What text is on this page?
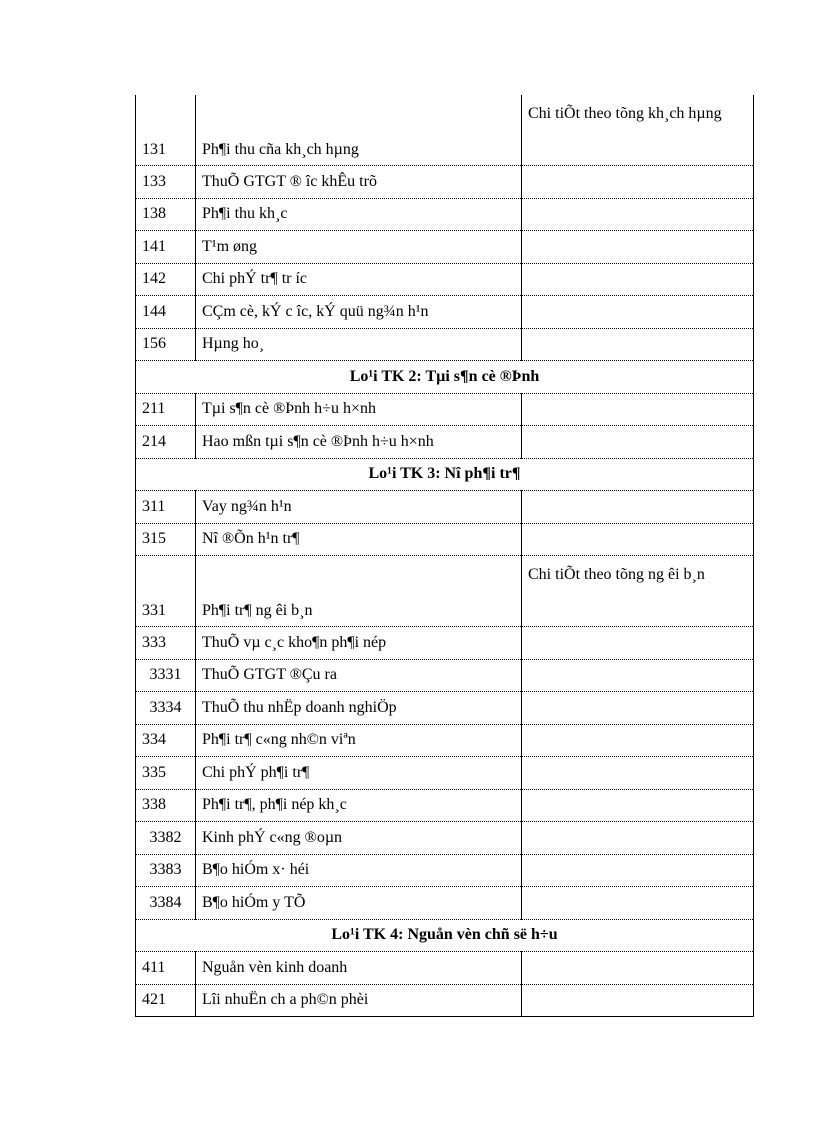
131	Ph¶i thu cña kh¸ch hµng	Chi tiÕt theo tõng kh¸ch hµng
133	ThuÕ GTGT ® îc khÊu trõ	
138	Ph¶i thu kh¸c	
141	T¹m øng	
142	Chi phÝ tr¶ tr íc	
144	CÇm cè, kÝ c îc, kÝ quü ng¾n h¹n	
156	Hµng ho¸	
Lo¹i TK 2: Tµi s¶n cè ®Þnh		
211	Tµi s¶n cè ®Þnh h÷u h×nh	
214	Hao mßn tµi s¶n cè ®Þnh h÷u h×nh	
Lo¹i TK 3: Nî ph¶i tr¶		
311	Vay ng¾n h¹n	
315	Nî ®Õn h¹n tr¶	
331	Ph¶i tr¶ ng êi b¸n	Chi tiÕt theo tõng ng êi b¸n
333	ThuÕ vµ c¸c kho¶n ph¶i nép	
3331	ThuÕ GTGT ®Çu ra	
3334	ThuÕ thu nhËp doanh nghiÖp	
334	Ph¶i tr¶ c«ng nh©n viªn	
335	Chi phÝ ph¶i tr¶	
338	Ph¶i tr¶, ph¶i nép kh¸c	
3382	Kinh phÝ c«ng ®oµn	
3383	B¶o hiÓm x· héi	
3384	B¶o hiÓm y TÕ	
Lo¹i TK 4: Nguån vèn chñ së h÷u		
411	Nguån vèn kinh doanh	
421	Lîi nhuËn ch a ph©n phèi	
